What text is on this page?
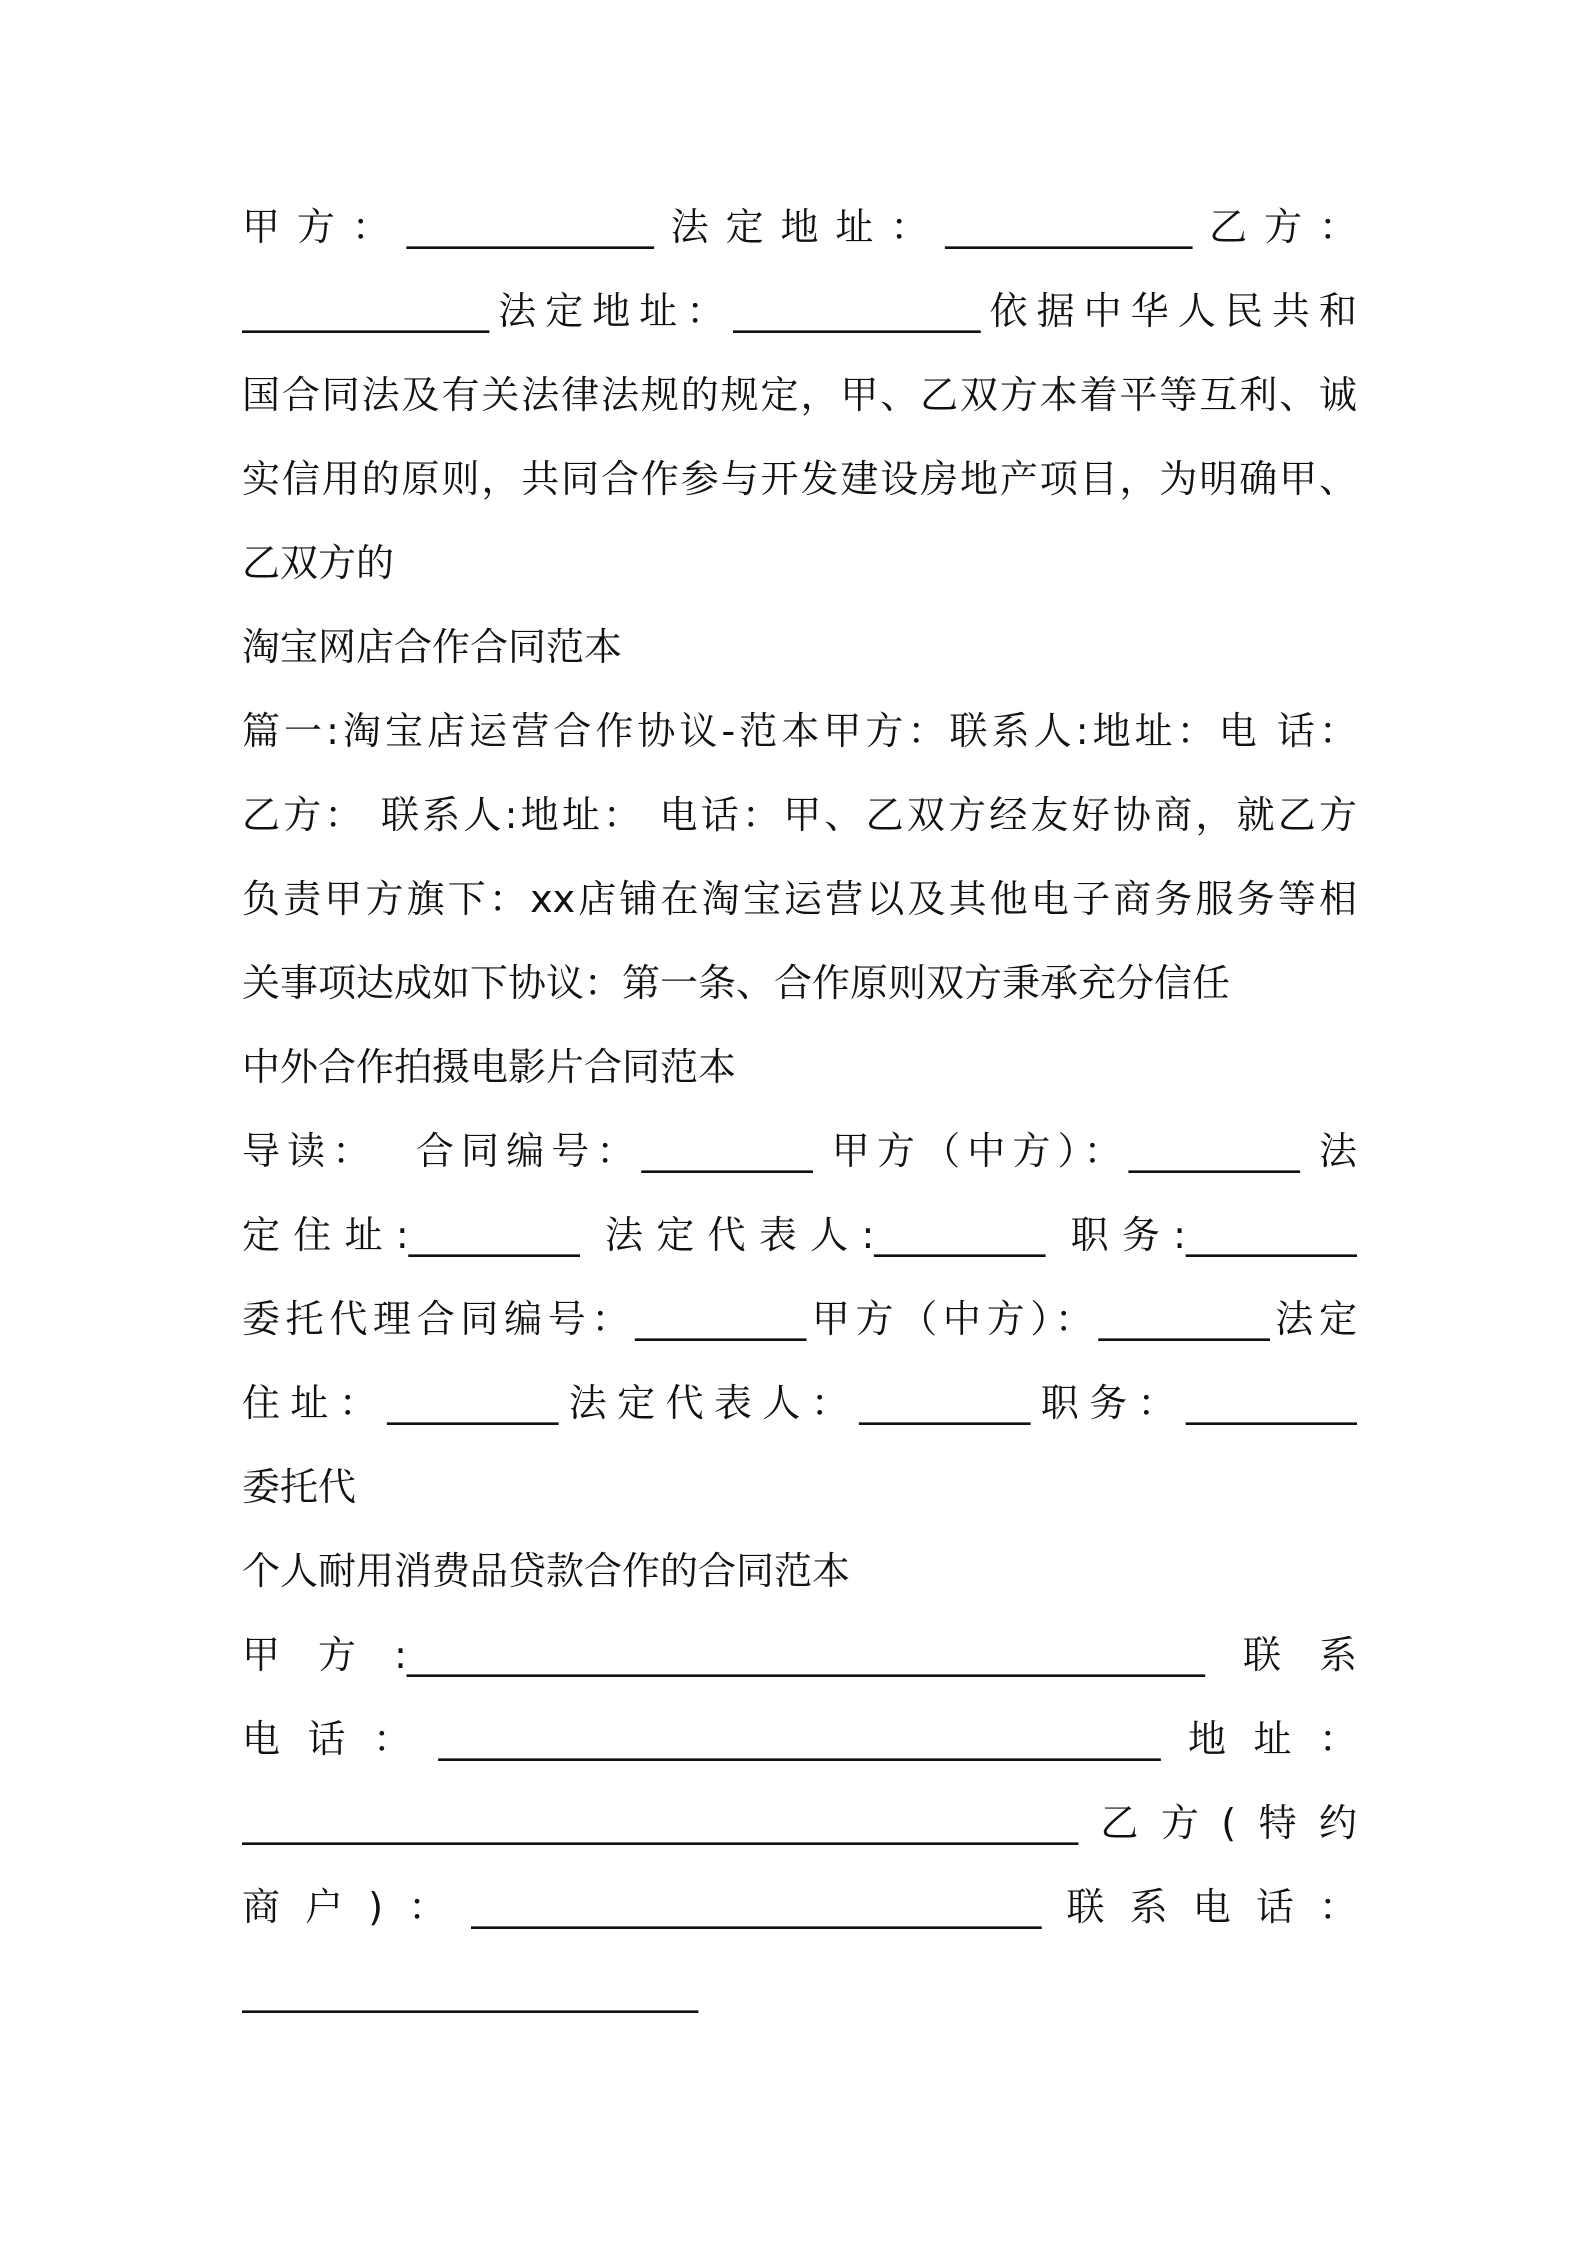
甲方：_____________法定地址：_____________乙方：
_____________法定地址：_____________依据中华人民共和
国合同法及有关法律法规的规定，甲、乙双方本着平等互利、诚
实信用的原则，共同合作参与开发建设房地产项目，为明确甲、
乙双方的
淘宝网店合作合同范本
篇一:淘宝店运营合作协议-范本甲方：联系人:地址：电 话：
乙方： 联系人:地址： 电话：甲、乙双方经友好协商，就乙方
负责甲方旗下：xx店铺在淘宝运营以及其他电子商务服务等相
关事项达成如下协议：第一条、合作原则双方秉承充分信任
中外合作拍摄电影片合同范本
导读：  合同编号：_________ 甲方（中方）：_________ 法
定住址:_________ 法定代表人:_________ 职务:_________
委托代理合同编号：_________甲方（中方）：_________法定
住址：_________法定代表人：_________职务：_________
委托代
个人耐用消费品贷款合作的合同范本
甲方:__________________________________________联系
电话：______________________________________地址：
____________________________________________乙方(特约
商户)：______________________________联系电话：
________________________
